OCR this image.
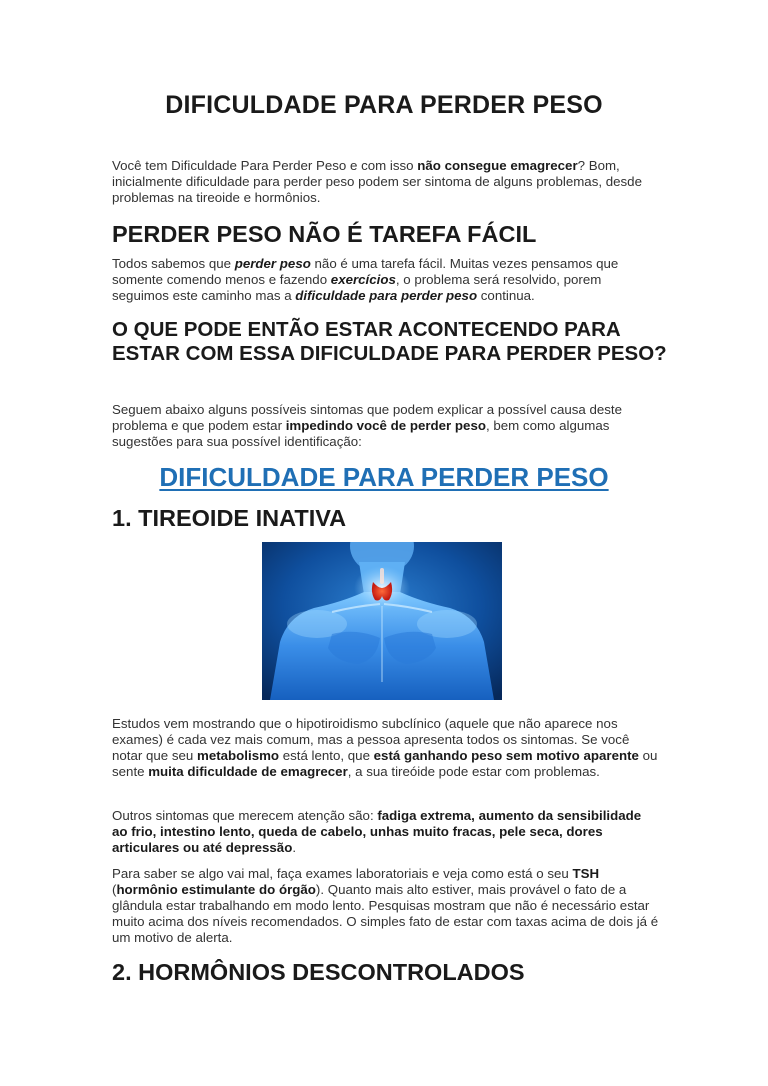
DIFICULDADE PARA PERDER PESO
Você tem Dificuldade Para Perder Peso e com isso não consegue emagrecer? Bom, inicialmente dificuldade para perder peso podem ser sintoma de alguns problemas, desde problemas na tireoide e hormônios.
PERDER PESO NÃO É TAREFA FÁCIL
Todos sabemos que perder peso não é uma tarefa fácil. Muitas vezes pensamos que somente comendo menos e fazendo exercícios, o problema será resolvido, porem seguimos este caminho mas a dificuldade para perder peso continua.
O QUE PODE ENTÃO ESTAR ACONTECENDO PARA ESTAR COM ESSA DIFICULDADE PARA PERDER PESO?
Seguem abaixo alguns possíveis sintomas que podem explicar a possível causa deste problema e que podem estar impedindo você de perder peso, bem como algumas sugestões para sua possível identificação:
DIFICULDADE PARA PERDER PESO
1. TIREOIDE INATIVA
Estudos vem mostrando que o hipotiroidismo subclínico (aquele que não aparece nos exames) é cada vez mais comum, mas a pessoa apresenta todos os sintomas. Se você notar que seu metabolismo está lento, que está ganhando peso sem motivo aparente ou sente muita dificuldade de emagrecer, a sua tireóide pode estar com problemas.
Outros sintomas que merecem atenção são: fadiga extrema, aumento da sensibilidade ao frio, intestino lento, queda de cabelo, unhas muito fracas, pele seca, dores articulares ou até depressão.
Para saber se algo vai mal, faça exames laboratoriais e veja como está o seu TSH (hormônio estimulante do órgão). Quanto mais alto estiver, mais provável o fato de a glândula estar trabalhando em modo lento. Pesquisas mostram que não é necessário estar muito acima dos níveis recomendados. O simples fato de estar com taxas acima de dois já é um motivo de alerta.
2. HORMÔNIOS DESCONTROLADOS
